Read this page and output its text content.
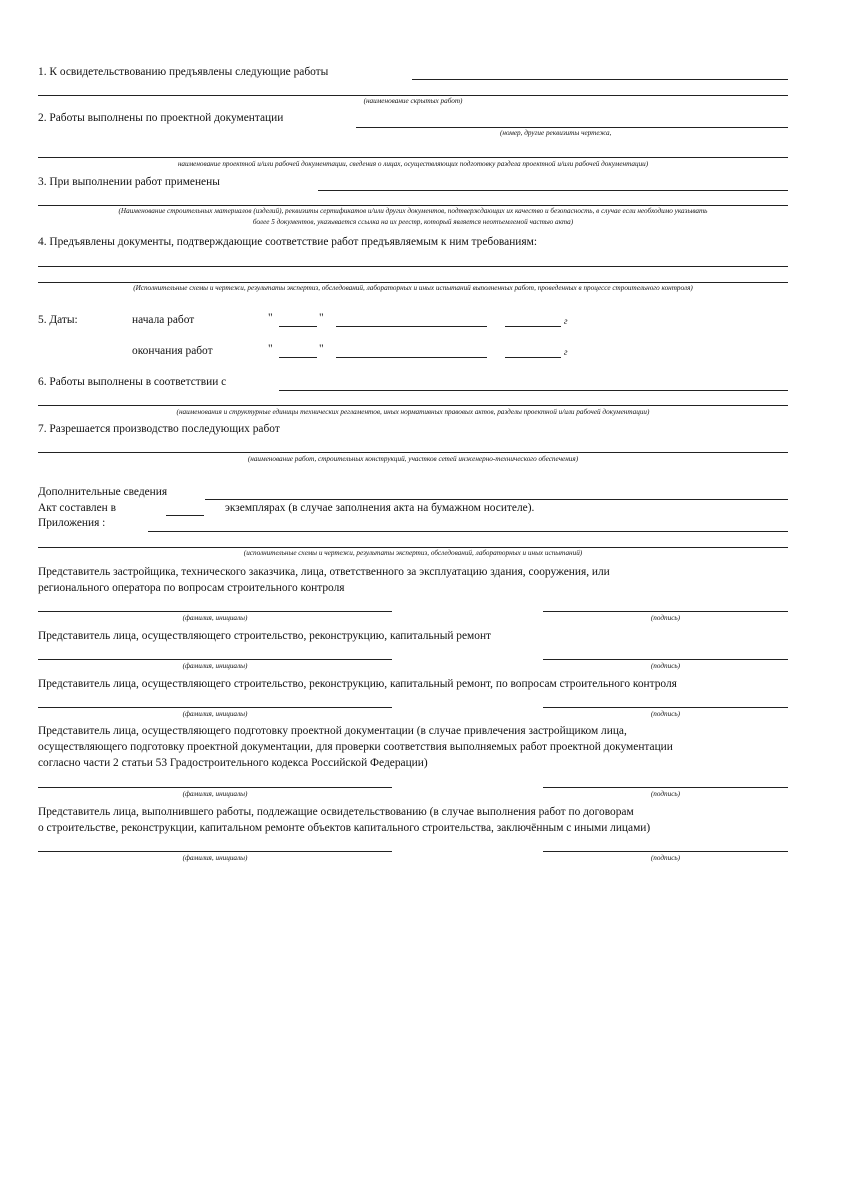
1. К освидетельствованию предъявлены следующие работы
(наименование скрытых работ)
2. Работы выполнены по проектной документации
(номер, другие реквизиты чертежа,
наименование проектной и/или рабочей документации, сведения о лицах, осуществляющих подготовку раздела проектной и/или рабочей документации)
3. При выполнении работ применены
(Наименование строительных материалов (изделий), реквизиты сертификатов и/или других документов, подтверждающих их качество и безопасность, в случае если необходимо указывать
более 5 документов, указывается ссылка на их реестр, который является неотъемлемой частью акта)
4. Предъявлены документы, подтверждающие соответствие работ предъявляемым к ним требованиям:
(Исполнительные схемы и чертежи, результаты экспертиз, обследований, лабораторных и иных испытаний выполненных работ, проведенных в процессе строительного контроля)
5. Даты:	начала работ	"	"	г
окончания работ	"	"	г
6. Работы выполнены в соответствии с
(наименования и структурные единицы технических регламентов, иных нормативных правовых актов, разделы проектной и/или рабочей документации)
7. Разрешается производство последующих работ
(наименование работ, строительных конструкций, участков сетей инженерно-технического обеспечения)
Дополнительные сведения
Акт составлен в	экземплярах (в случае заполнения акта на бумажном носителе).
Приложения :
(исполнительные схемы и чертежи, результаты экспертиз, обследований, лабораторных и иных испытаний)
Представитель застройщика, технического заказчика, лица, ответственного за эксплуатацию здания, сооружения, или
регионального оператора по вопросам строительного контроля
(фамилия, инициалы)	(подпись)
Представитель лица, осуществляющего строительство, реконструкцию, капитальный ремонт
(фамилия, инициалы)	(подпись)
Представитель лица, осуществляющего строительство, реконструкцию, капитальный ремонт, по вопросам строительного контроля
(фамилия, инициалы)	(подпись)
Представитель лица, осуществляющего подготовку проектной документации (в случае привлечения застройщиком лица,
осуществляющего подготовку проектной документации, для проверки соответствия выполняемых работ проектной документации
согласно части 2 статьи 53 Градостроительного кодекса Российской Федерации)
(фамилия, инициалы)	(подпись)
Представитель лица, выполнившего работы, подлежащие освидетельствованию (в случае выполнения работ по договорам
о строительстве, реконструкции, капитальном ремонте объектов капитального строительства, заключённым с иными лицами)
(фамилия, инициалы)	(подпись)
